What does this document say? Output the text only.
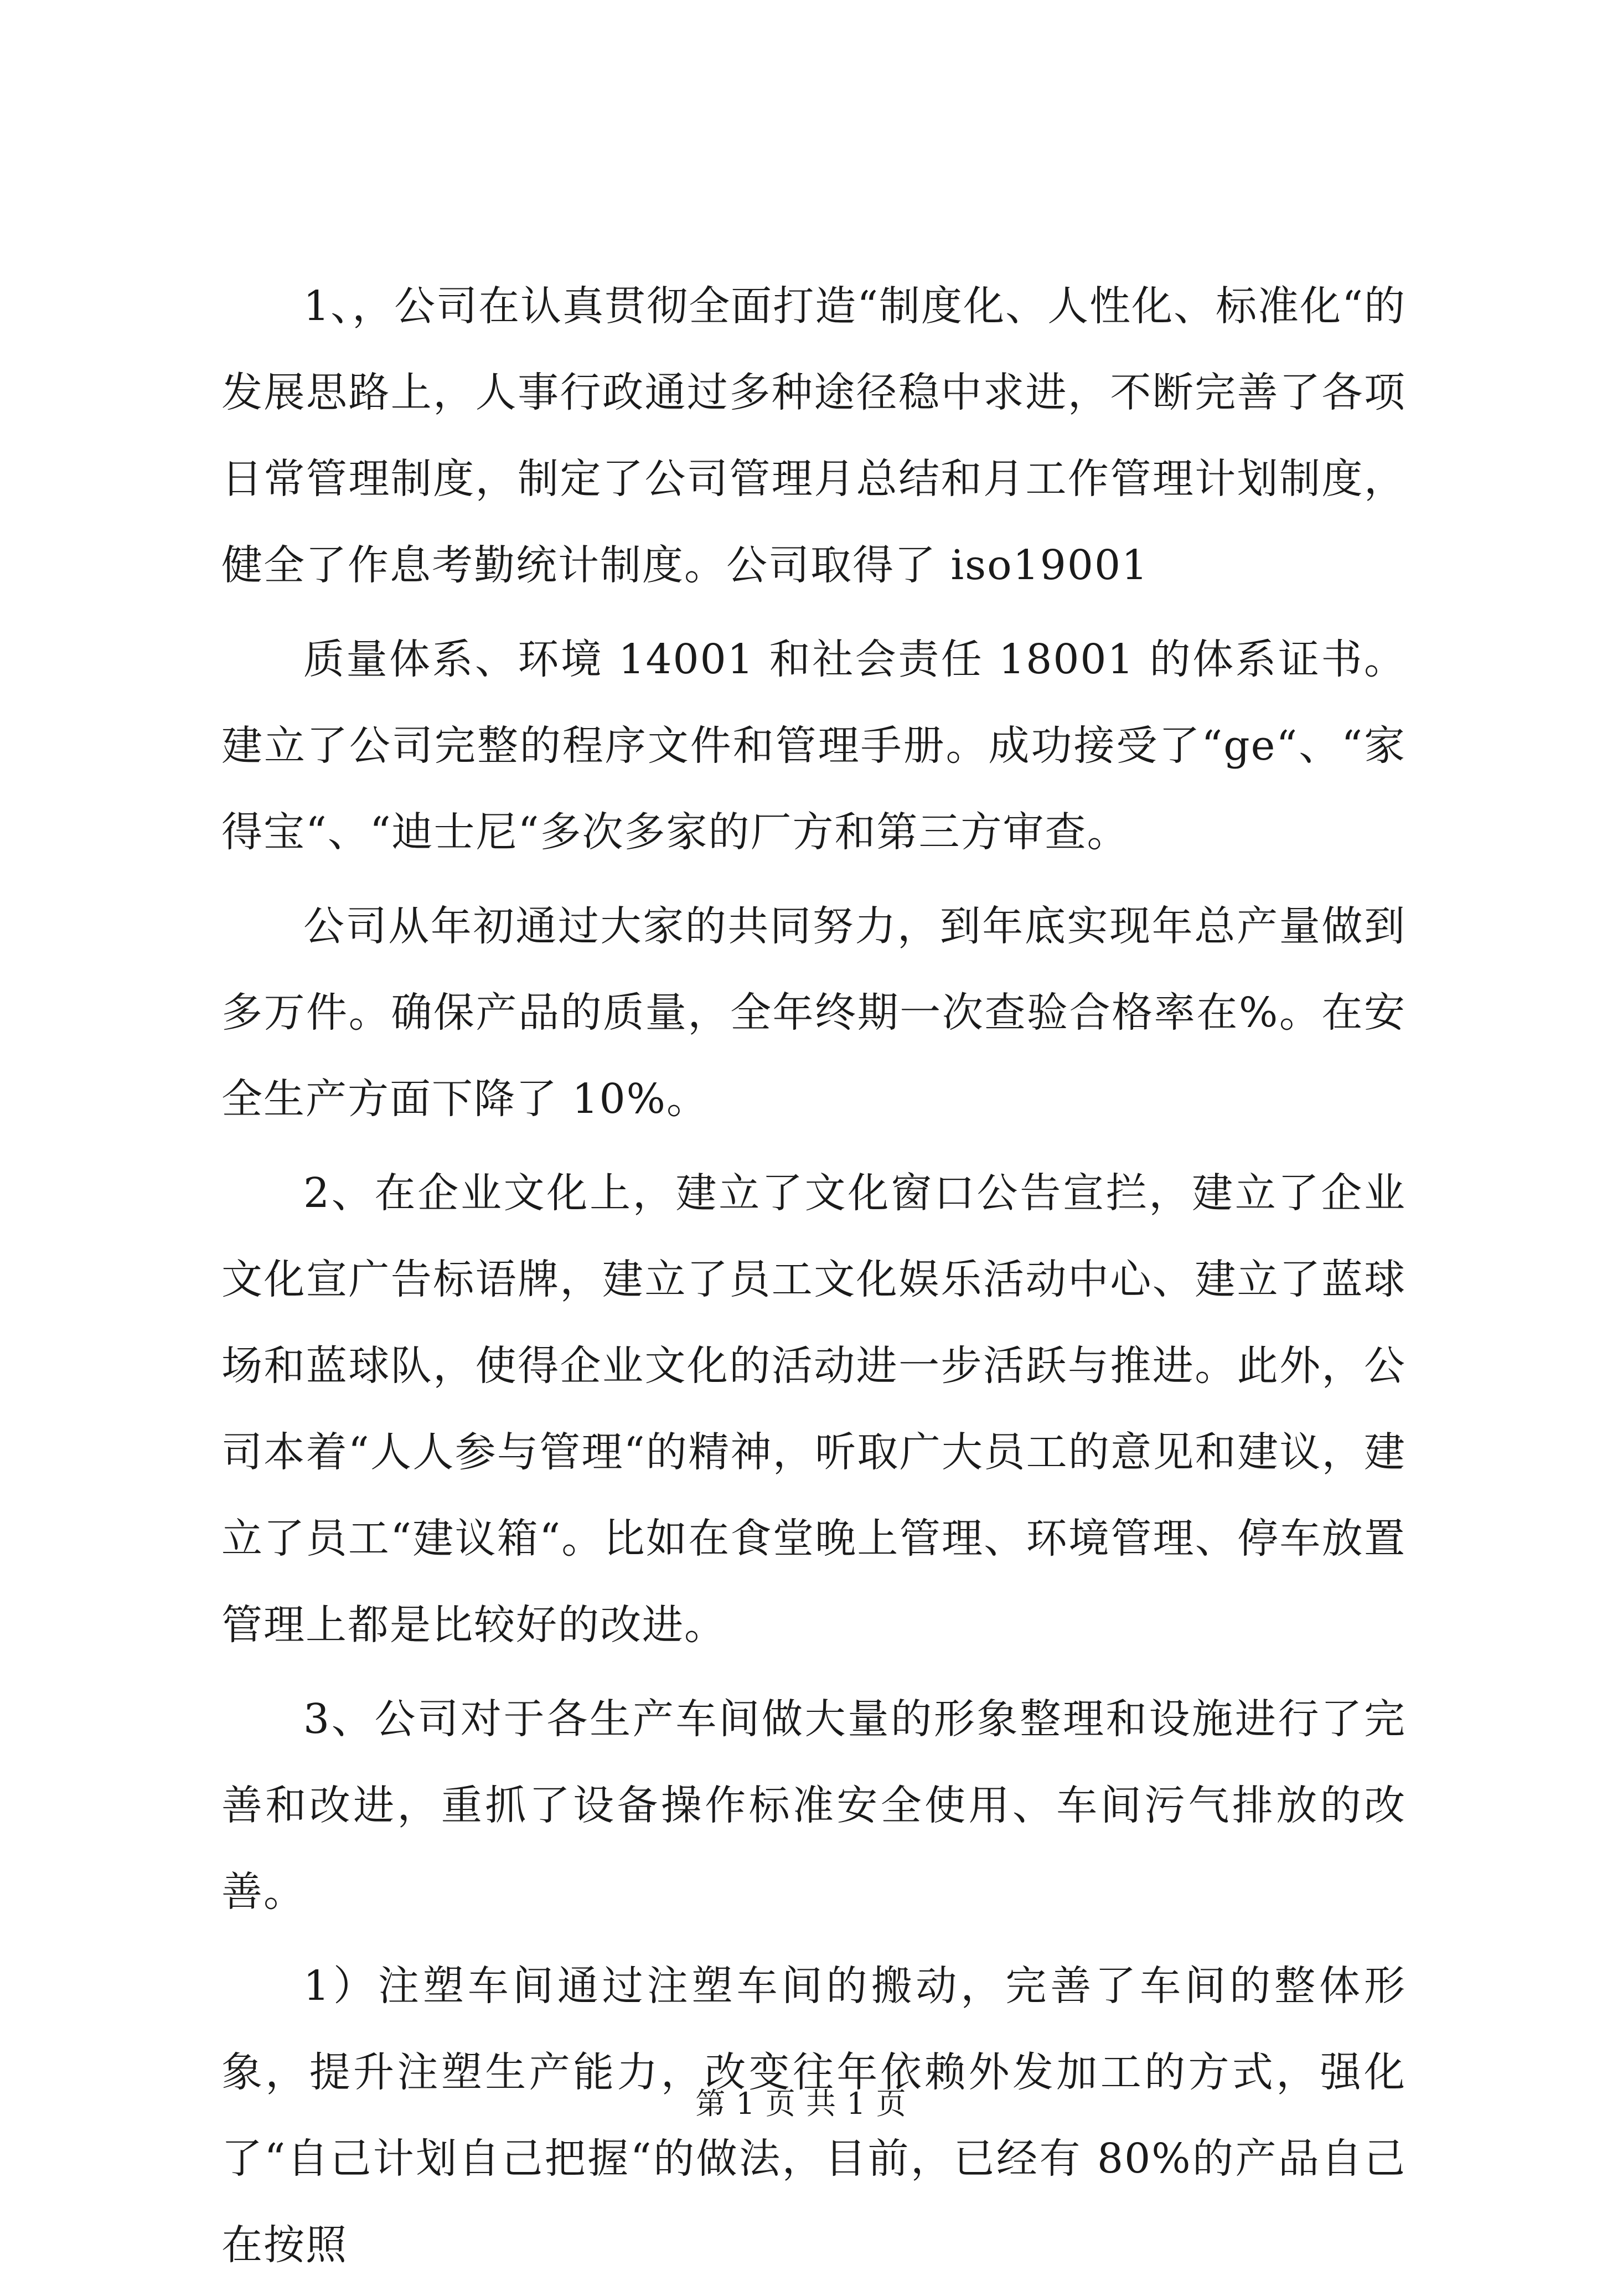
1、，公司在认真贯彻全面打造“制度化、人性化、标准化“的发展思路上，人事行政通过多种途径稳中求进，不断完善了各项日常管理制度，制定了公司管理月总结和月工作管理计划制度，健全了作息考勤统计制度。公司取得了 iso19001

质量体系、环境 14001 和社会责任 18001 的体系证书。建立了公司完整的程序文件和管理手册。成功接受了“ge“、“家得宝“、“迪士尼“多次多家的厂方和第三方审查。

公司从年初通过大家的共同努力，到年底实现年总产量做到多万件。确保产品的质量，全年终期一次查验合格率在%。在安全生产方面下降了 10%。

2、在企业文化上，建立了文化窗口公告宣拦，建立了企业文化宣广告标语牌，建立了员工文化娱乐活动中心、建立了蓝球场和蓝球队，使得企业文化的活动进一步活跃与推进。此外，公司本着“人人参与管理“的精神，听取广大员工的意见和建议，建立了员工“建议箱“。比如在食堂晚上管理、环境管理、停车放置管理上都是比较好的改进。

3、公司对于各生产车间做大量的形象整理和设施进行了完善和改进，重抓了设备操作标准安全使用、车间污气排放的改善。

1）注塑车间通过注塑车间的搬动，完善了车间的整体形象，提升注塑生产能力，改变往年依赖外发加工的方式，强化了“自己计划自己把握“的做法，目前，已经有 80%的产品自己在按照

第 1 页 共 1 页
